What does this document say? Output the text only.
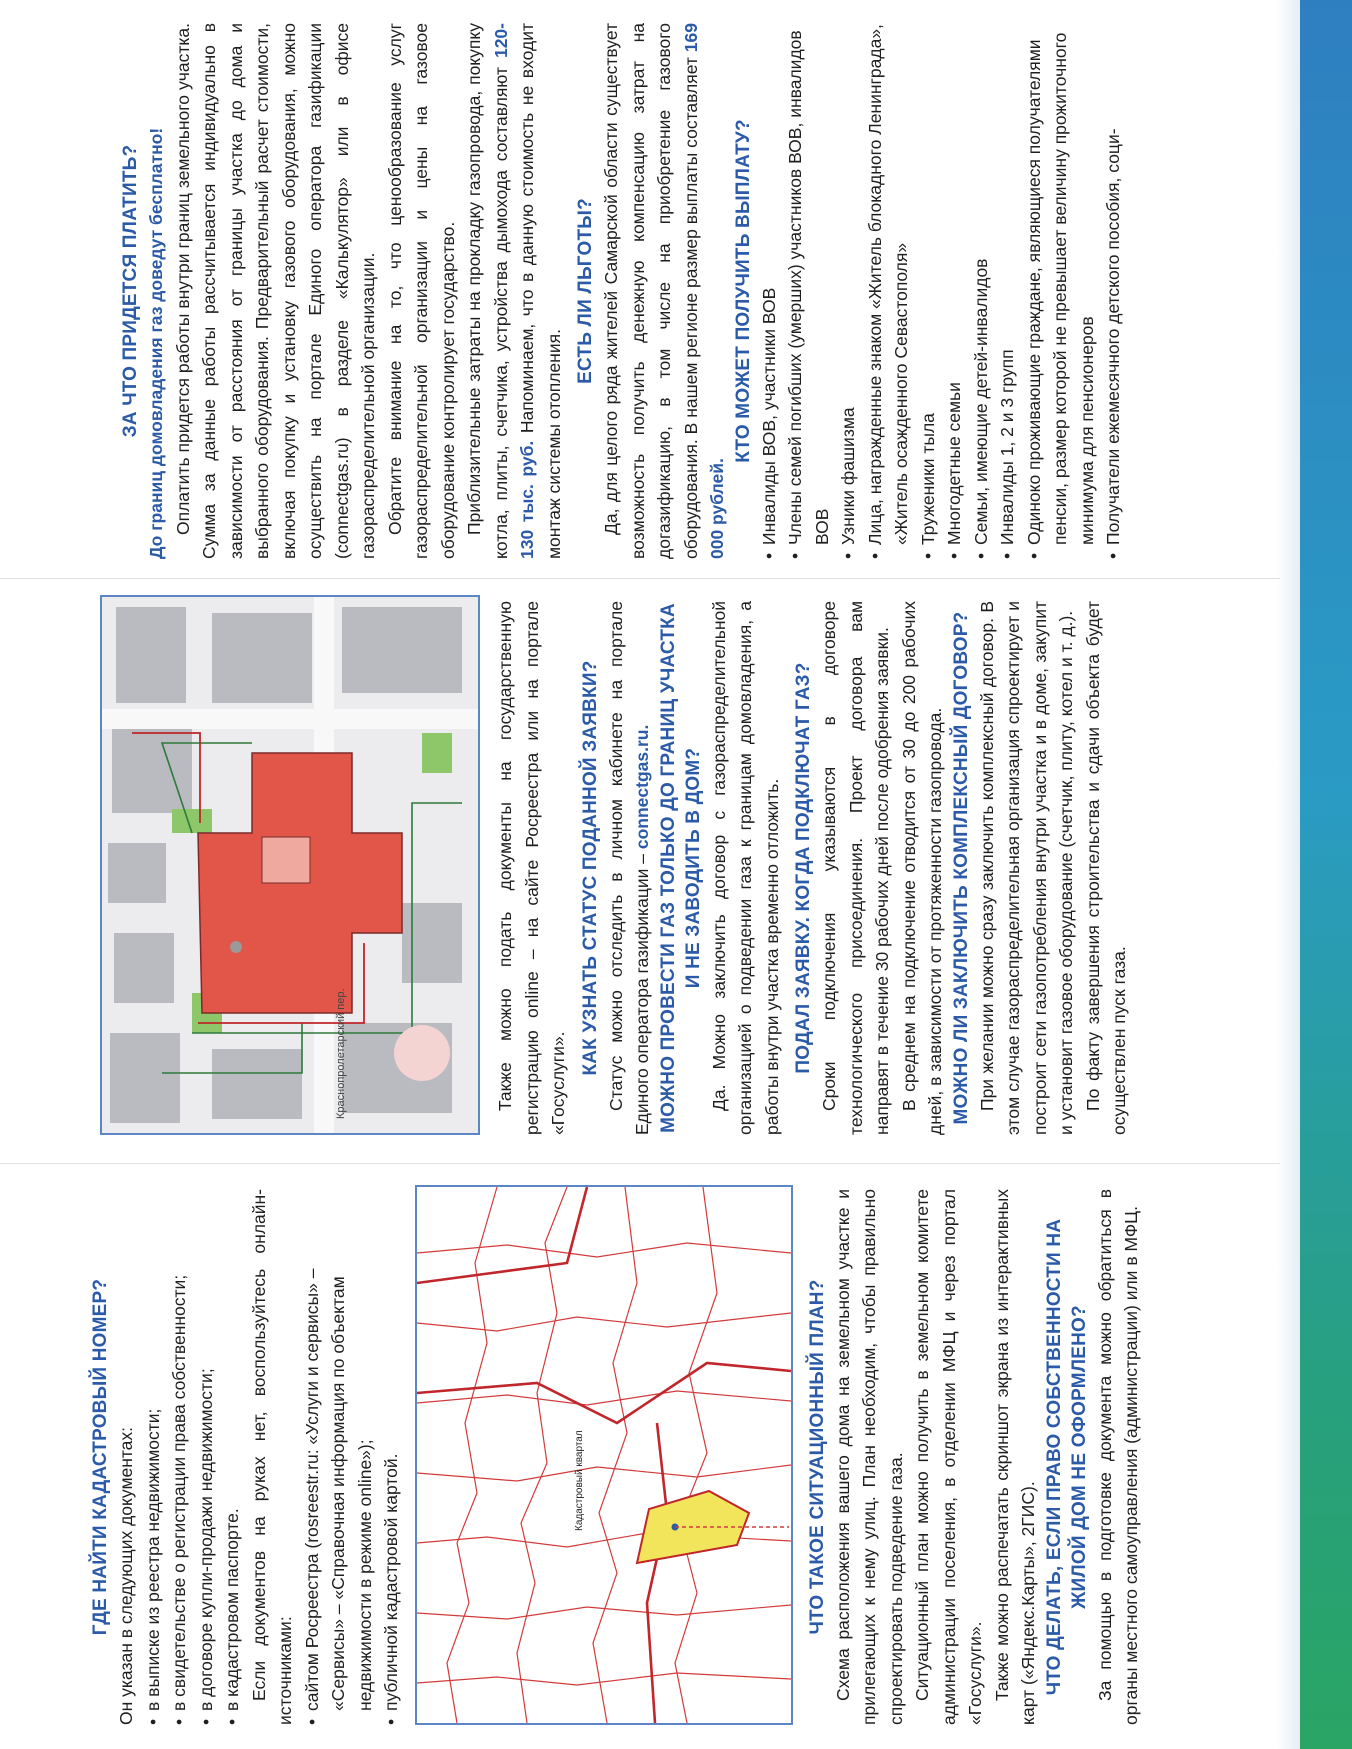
ГДЕ НАЙТИ КАДАСТРОВЫЙ НОМЕР? Он указан в следующих документах: • в выписке из реестра недвижимости; • в свидетельстве о регистрации права собственности; • в договоре купли-продажи недвижимости; • в кадастровом паспорте. Если документов на руках нет, воспользуйтесь онлайн-источниками: • сайтом Росреестра (rosreestr.ru: «Услуги и сервисы» – «Сервисы» – «Справочная информация по объектам недвижимости в режиме online»); • публичной кадастровой картой.	Кадастровый квартал	ЧТО ТАКОЕ СИТУАЦИОННЫЙ ПЛАН? Схема расположения вашего дома на земельном участке и прилегающих к нему улиц. План необходим, чтобы правильно спроектировать подведение газа. Ситуационный план можно получить в земельном комитете администрации поселения, в отделении МФЦ и через портал «Госуслуги». Также можно распечатать скриншот экрана из интерактивных карт («Яндекс.Карты», 2ГИС). ЧТО ДЕЛАТЬ, ЕСЛИ ПРАВО СОБСТВЕННОСТИ НА ЖИЛОЙ ДОМ НЕ ОФОРМЛЕНО? За помощью в подготовке документа можно обратиться в органы местного самоуправления (администрации) или в МФЦ.

Краснопролетарский пер.	Также можно подать документы на государственную регистрацию online – на сайте Росреестра или на портале «Госуслуги».

КАК УЗНАТЬ СТАТУС ПОДАННОЙ ЗАЯВКИ? Статус можно отследить в личном кабинете на портале Единого оператора газификации – connectgas.ru. МОЖНО ПРОВЕСТИ ГАЗ ТОЛЬКО ДО ГРАНИЦ УЧАСТКА И НЕ ЗАВОДИТЬ В ДОМ? Да. Можно заключить договор с газораспределительной организацией о подведении газа к границам домовладения, а работы внутри участка временно отложить. ПОДАЛ ЗАЯВКУ. КОГДА ПОДКЛЮЧАТ ГАЗ? Сроки подключения указываются в договоре технологического присоединения. Проект договора вам направят в течение 30 рабочих дней после одобрения заявки. В среднем на подключение отводится от 30 до 200 рабочих дней, в зависимости от протяженности газопровода. МОЖНО ЛИ ЗАКЛЮЧИТЬ КОМПЛЕКСНЫЙ ДОГОВОР? При желании можно сразу заключить комплексный договор. В этом случае газораспределительная организация спроектирует и построит сети газопотребления внутри участка и в доме, закупит и установит газовое оборудование (счетчик, плиту, котел и т. д.). По факту завершения строительства и сдачи объекта будет осуществлен пуск газа.

ЗА ЧТО ПРИДЕТСЯ ПЛАТИТЬ? До границ домовладения газ доведут бесплатно! Оплатить придется работы внутри границ земельного участка. Сумма за данные работы рассчитывается индивидуально в зависимости от расстояния от границы участка до дома и выбранного оборудования. Предварительный расчет стоимости, включая покупку и установку газового оборудования, можно осуществить на портале Единого оператора газификации (connectgas.ru) в разделе «Калькулятор» или в офисе газораспределительной организации. Обратите внимание на то, что ценообразование услуг газораспределительной организации и цены на газовое оборудование контролирует государство. Приблизительные затраты на прокладку газопровода, покупку котла, плиты, счетчика, устройства дымохода составляют 120-130 тыс. руб. Напоминаем, что в данную стоимость не входит монтаж системы отопления.

ЕСТЬ ЛИ ЛЬГОТЫ? Да, для целого ряда жителей Самарской области существует возможность получить денежную компенсацию затрат на догазификацию, в том числе на приобретение газового оборудования. В нашем регионе размер выплаты составляет 169 000 рублей.

КТО МОЖЕТ ПОЛУЧИТЬ ВЫПЛАТУ? • Инвалиды ВОВ, участники ВОВ • Члены семей погибших (умерших) участников ВОВ, инвалидов ВОВ • Узники фашизма • Лица, награжденные знаком «Житель блокадного Ленинграда», «Житель осажденного Севастополя» • Труженики тыла • Многодетные семьи • Семьи, имеющие детей-инвалидов • Инвалиды 1, 2 и 3 групп • Одиноко проживающие граждане, являющиеся получателями пенсии, размер которой не превышает величину прожиточного минимума для пенсионеров • Получатели ежемесячного детского пособия, соци-
